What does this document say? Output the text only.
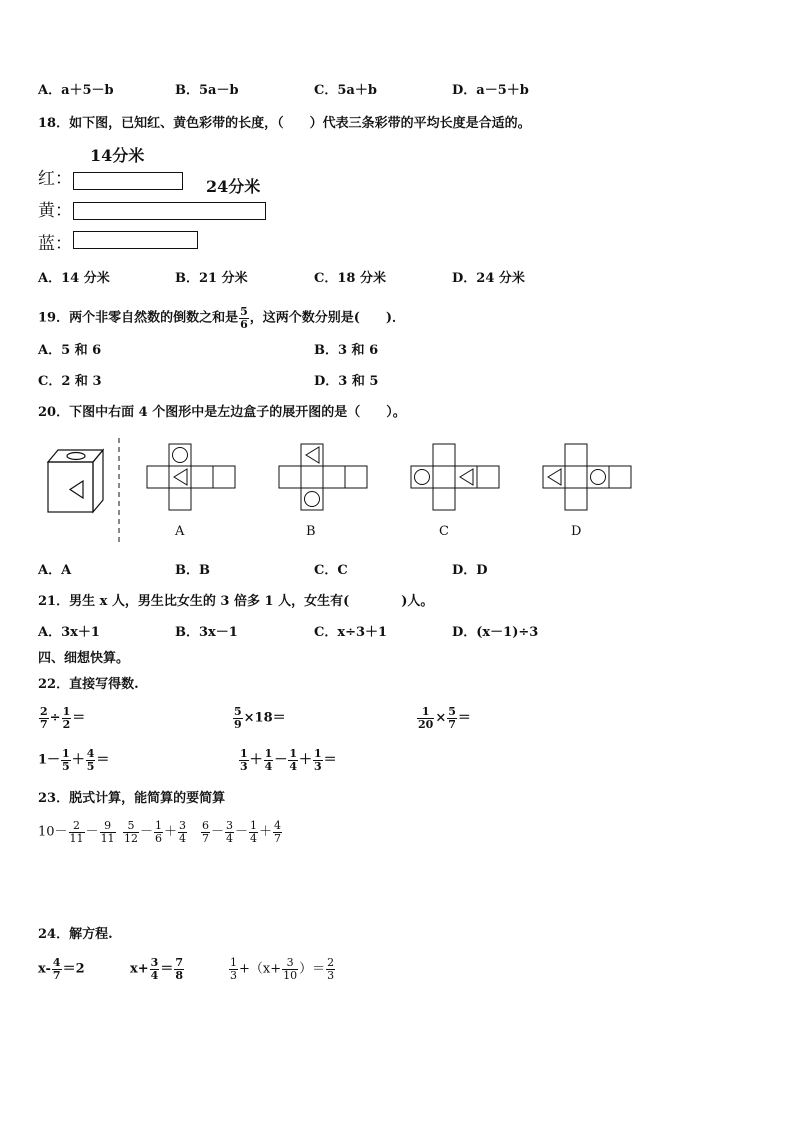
A．a＋5－b	B．5a－b	C．5a＋b	D．a－5＋b
18．如下图，已知红、黄色彩带的长度，（　　）代表三条彩带的平均长度是合适的。
14分米
24分米
红：
黄：
蓝：
A．14 分米	B．21 分米	C．18 分米	D．24 分米
19．两个非零自然数的倒数之和是 $\frac{5}{6}$ ，这两个数分别是(　　)．
A．5 和 6	B．3 和 6
C．2 和 3	D．3 和 5
20．下图中右面 4 个图形中是左边盒子的展开图的是（　　）。
A	B	C	D
A．A	B．B	C．C	D．D
21．男生 x 人，男生比女生的 3 倍多 1 人，女生有(　　　　)人。
A．3x＋1	B．3x－1	C．x÷3＋1	D．(x－1)÷3
四、细想快算。
22．直接写得数.
$\frac{2}{7} \div \frac{1}{2}$ ＝	$\frac{5}{9} \times 18=$	$\frac{1}{20} \times \frac{5}{7}$ ＝
$1- \frac{1}{5} + \frac{4}{5}$ ＝	$\frac{1}{3} + \frac{1}{4} - \frac{1}{4} + \frac{1}{3}$ ＝
23．脱式计算，能简算的要简算
$10- \frac{2}{11} - \frac{9}{11} \frac{5}{12} - \frac{1}{6} + \frac{3}{4} \frac{6}{7} - \frac{3}{4} - \frac{1}{4} + \frac{4}{7}$
24．解方程.
$x- \frac{4}{7} =2$	$x+ \frac{3}{4} = \frac{7}{8}$	$\frac{1}{3} +(x+ \frac{3}{10}$ ）＝ $\frac{2}{3}$
